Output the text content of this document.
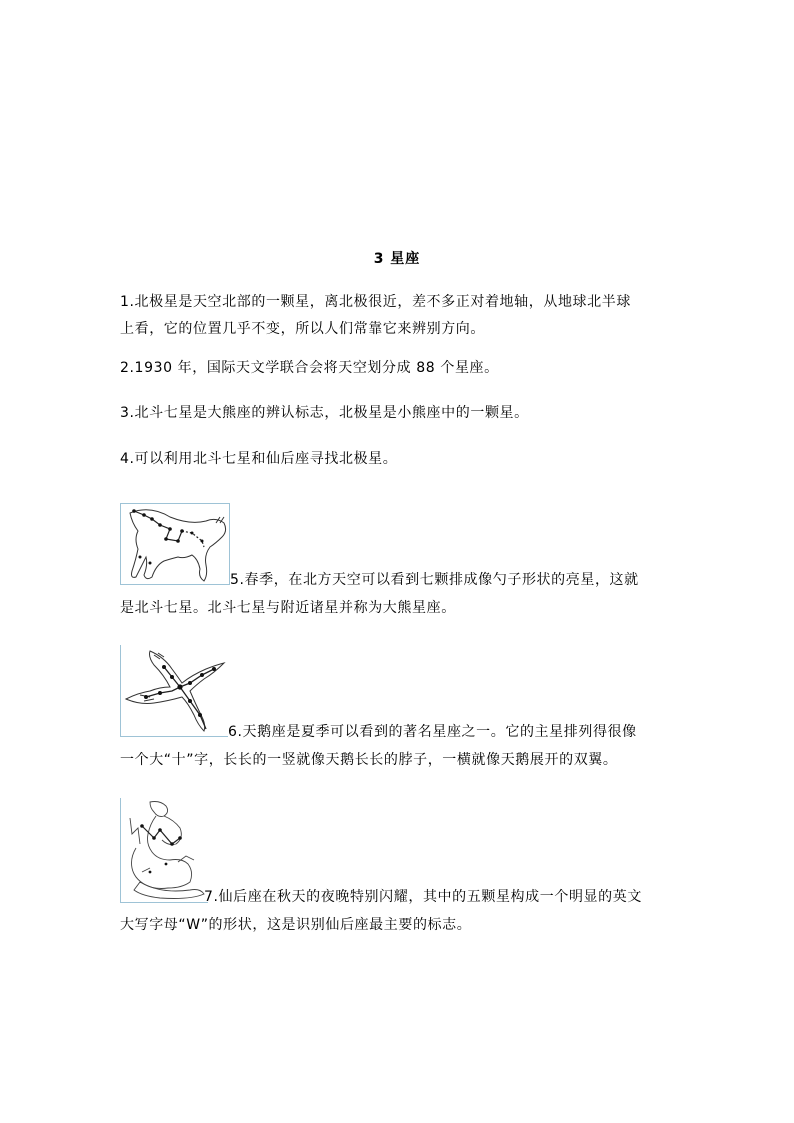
3 星座
1.北极星是天空北部的一颗星，离北极很近，差不多正对着地轴，从地球北半球
上看，它的位置几乎不变，所以人们常靠它来辨别方向。
2.1930 年，国际天文学联合会将天空划分成 88 个星座。
3.北斗七星是大熊座的辨认标志，北极星是小熊座中的一颗星。
4.可以利用北斗七星和仙后座寻找北极星。
5.春季，在北方天空可以看到七颗排成像勺子形状的亮星，这就
是北斗七星。北斗七星与附近诸星并称为大熊星座。
6.天鹅座是夏季可以看到的著名星座之一。它的主星排列得很像
一个大“十”字，长长的一竖就像天鹅长长的脖子，一横就像天鹅展开的双翼。
7.仙后座在秋天的夜晚特别闪耀，其中的五颗星构成一个明显的英文
大写字母“W”的形状，这是识别仙后座最主要的标志。
